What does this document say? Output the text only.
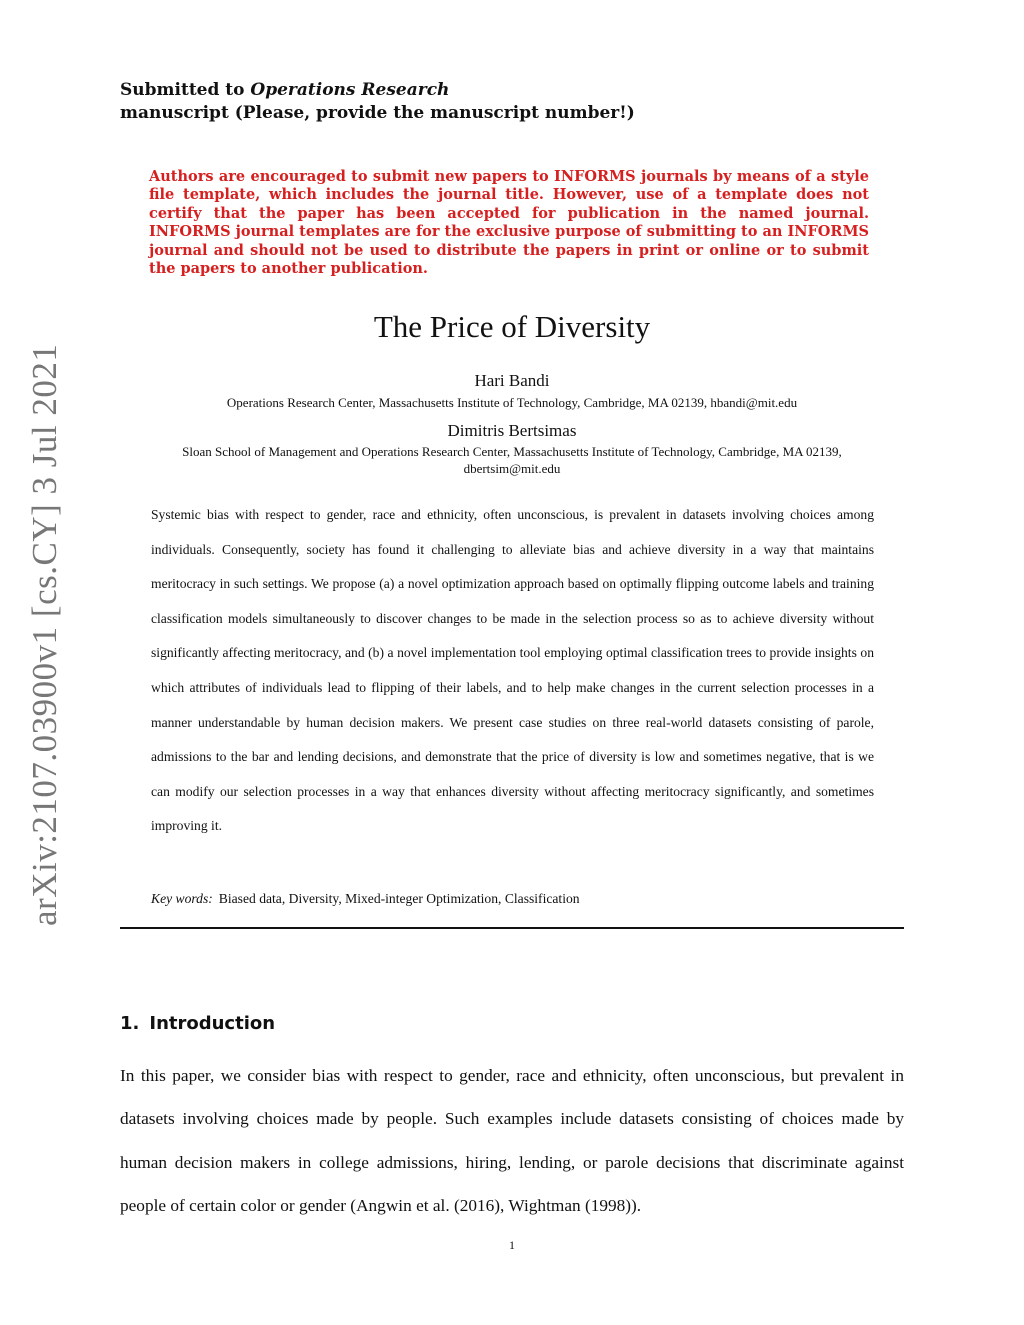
arXiv:2107.03900v1 [cs.CY] 3 Jul 2021
Submitted to Operations Research
manuscript (Please, provide the manuscript number!)
Authors are encouraged to submit new papers to INFORMS journals by means of a style file template, which includes the journal title. However, use of a template does not certify that the paper has been accepted for publication in the named journal. INFORMS journal templates are for the exclusive purpose of submitting to an INFORMS journal and should not be used to distribute the papers in print or online or to submit the papers to another publication.
The Price of Diversity
Hari Bandi
Operations Research Center, Massachusetts Institute of Technology, Cambridge, MA 02139, hbandi@mit.edu
Dimitris Bertsimas
Sloan School of Management and Operations Research Center, Massachusetts Institute of Technology, Cambridge, MA 02139,
dbertsim@mit.edu
Systemic bias with respect to gender, race and ethnicity, often unconscious, is prevalent in datasets involving choices among individuals. Consequently, society has found it challenging to alleviate bias and achieve diversity in a way that maintains meritocracy in such settings. We propose (a) a novel optimization approach based on optimally flipping outcome labels and training classification models simultaneously to discover changes to be made in the selection process so as to achieve diversity without significantly affecting meritocracy, and (b) a novel implementation tool employing optimal classification trees to provide insights on which attributes of individuals lead to flipping of their labels, and to help make changes in the current selection processes in a manner understandable by human decision makers. We present case studies on three real-world datasets consisting of parole, admissions to the bar and lending decisions, and demonstrate that the price of diversity is low and sometimes negative, that is we can modify our selection processes in a way that enhances diversity without affecting meritocracy significantly, and sometimes improving it.
Key words: Biased data, Diversity, Mixed-integer Optimization, Classification
1. Introduction
In this paper, we consider bias with respect to gender, race and ethnicity, often unconscious, but prevalent in datasets involving choices made by people. Such examples include datasets consisting of choices made by human decision makers in college admissions, hiring, lending, or parole decisions that discriminate against people of certain color or gender (Angwin et al. (2016), Wightman (1998)).
1
